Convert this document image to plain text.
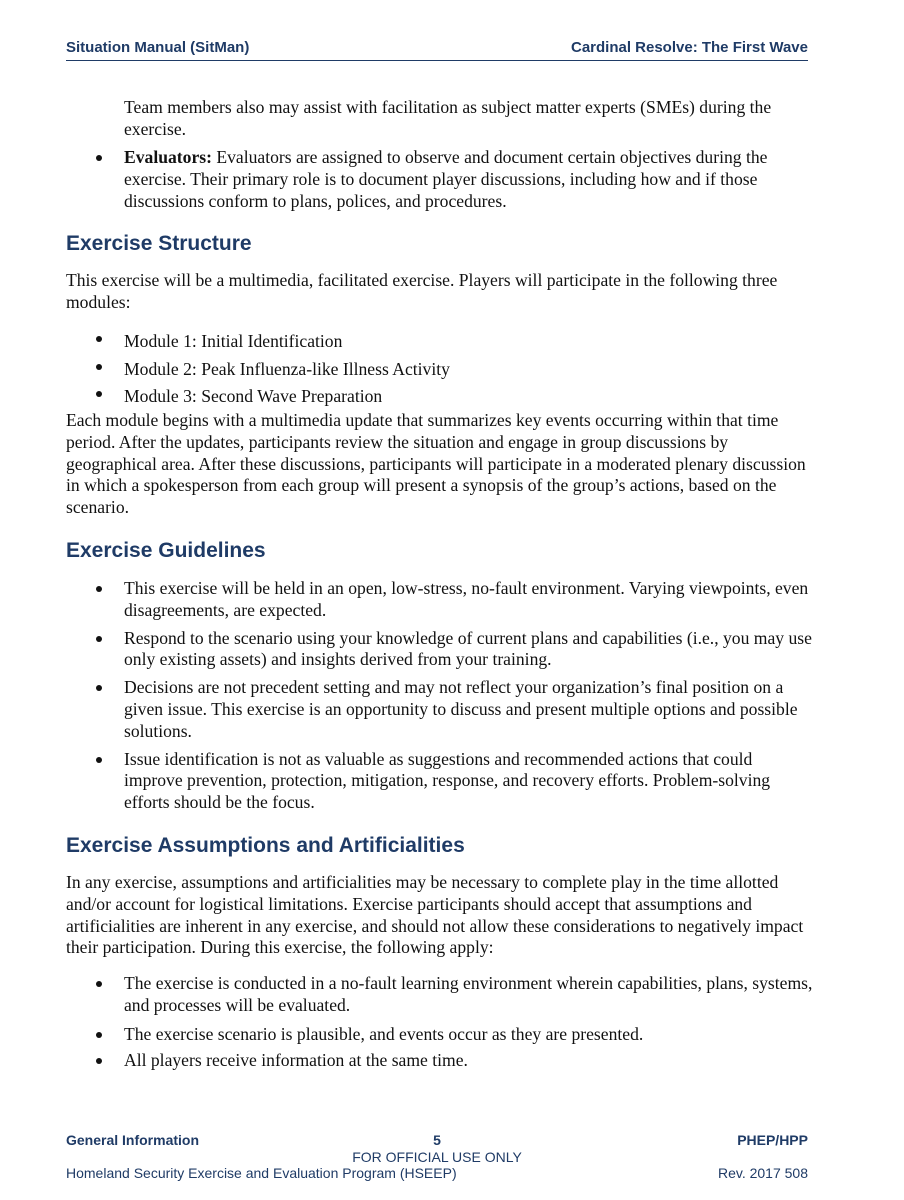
Situation Manual (SitMan)	Cardinal Resolve: The First Wave
Team members also may assist with facilitation as subject matter experts (SMEs) during the exercise.
Evaluators: Evaluators are assigned to observe and document certain objectives during the exercise. Their primary role is to document player discussions, including how and if those discussions conform to plans, polices, and procedures.
Exercise Structure
This exercise will be a multimedia, facilitated exercise. Players will participate in the following three modules:
Module 1: Initial Identification
Module 2: Peak Influenza-like Illness Activity
Module 3: Second Wave Preparation
Each module begins with a multimedia update that summarizes key events occurring within that time period. After the updates, participants review the situation and engage in group discussions by geographical area. After these discussions, participants will participate in a moderated plenary discussion in which a spokesperson from each group will present a synopsis of the group’s actions, based on the scenario.
Exercise Guidelines
This exercise will be held in an open, low-stress, no-fault environment. Varying viewpoints, even disagreements, are expected.
Respond to the scenario using your knowledge of current plans and capabilities (i.e., you may use only existing assets) and insights derived from your training.
Decisions are not precedent setting and may not reflect your organization’s final position on a given issue. This exercise is an opportunity to discuss and present multiple options and possible solutions.
Issue identification is not as valuable as suggestions and recommended actions that could improve prevention, protection, mitigation, response, and recovery efforts. Problem-solving efforts should be the focus.
Exercise Assumptions and Artificialities
In any exercise, assumptions and artificialities may be necessary to complete play in the time allotted and/or account for logistical limitations. Exercise participants should accept that assumptions and artificialities are inherent in any exercise, and should not allow these considerations to negatively impact their participation. During this exercise, the following apply:
The exercise is conducted in a no-fault learning environment wherein capabilities, plans, systems, and processes will be evaluated.
The exercise scenario is plausible, and events occur as they are presented.
All players receive information at the same time.
General Information	5	PHEP/HPP
FOR OFFICIAL USE ONLY
Homeland Security Exercise and Evaluation Program (HSEEP)	Rev. 2017 508
